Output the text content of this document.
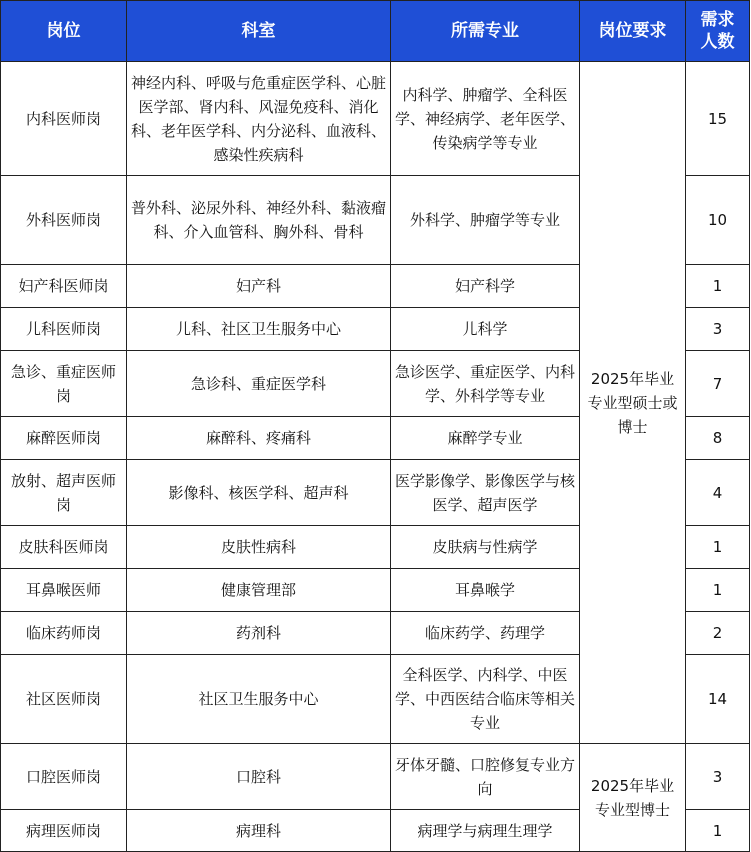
岗位	科室	所需专业	岗位要求	需求人数
内科医师岗	神经内科、呼吸与危重症医学科、心脏医学部、肾内科、风湿免疫科、消化科、老年医学科、内分泌科、血液科、感染性疾病科	内科学、肿瘤学、全科医学、神经病学、老年医学、传染病学等专业	2025年毕业专业型硕士或博士	15
外科医师岗	普外科、泌尿外科、神经外科、黏液瘤科、介入血管科、胸外科、骨科	外科学、肿瘤学等专业		10
妇产科医师岗	妇产科	妇产科学		1
儿科医师岗	儿科、社区卫生服务中心	儿科学		3
急诊、重症医师岗	急诊科、重症医学科	急诊医学、重症医学、内科学、外科学等专业		7
麻醉医师岗	麻醉科、疼痛科	麻醉学专业		8
放射、超声医师岗	影像科、核医学科、超声科	医学影像学、影像医学与核医学、超声医学		4
皮肤科医师岗	皮肤性病科	皮肤病与性病学		1
耳鼻喉医师	健康管理部	耳鼻喉学		1
临床药师岗	药剂科	临床药学、药理学		2
社区医师岗	社区卫生服务中心	全科医学、内科学、中医学、中西医结合临床等相关专业		14
口腔医师岗	口腔科	牙体牙髓、口腔修复专业方向	2025年毕业专业型博士	3
病理医师岗	病理科	病理学与病理生理学		1
